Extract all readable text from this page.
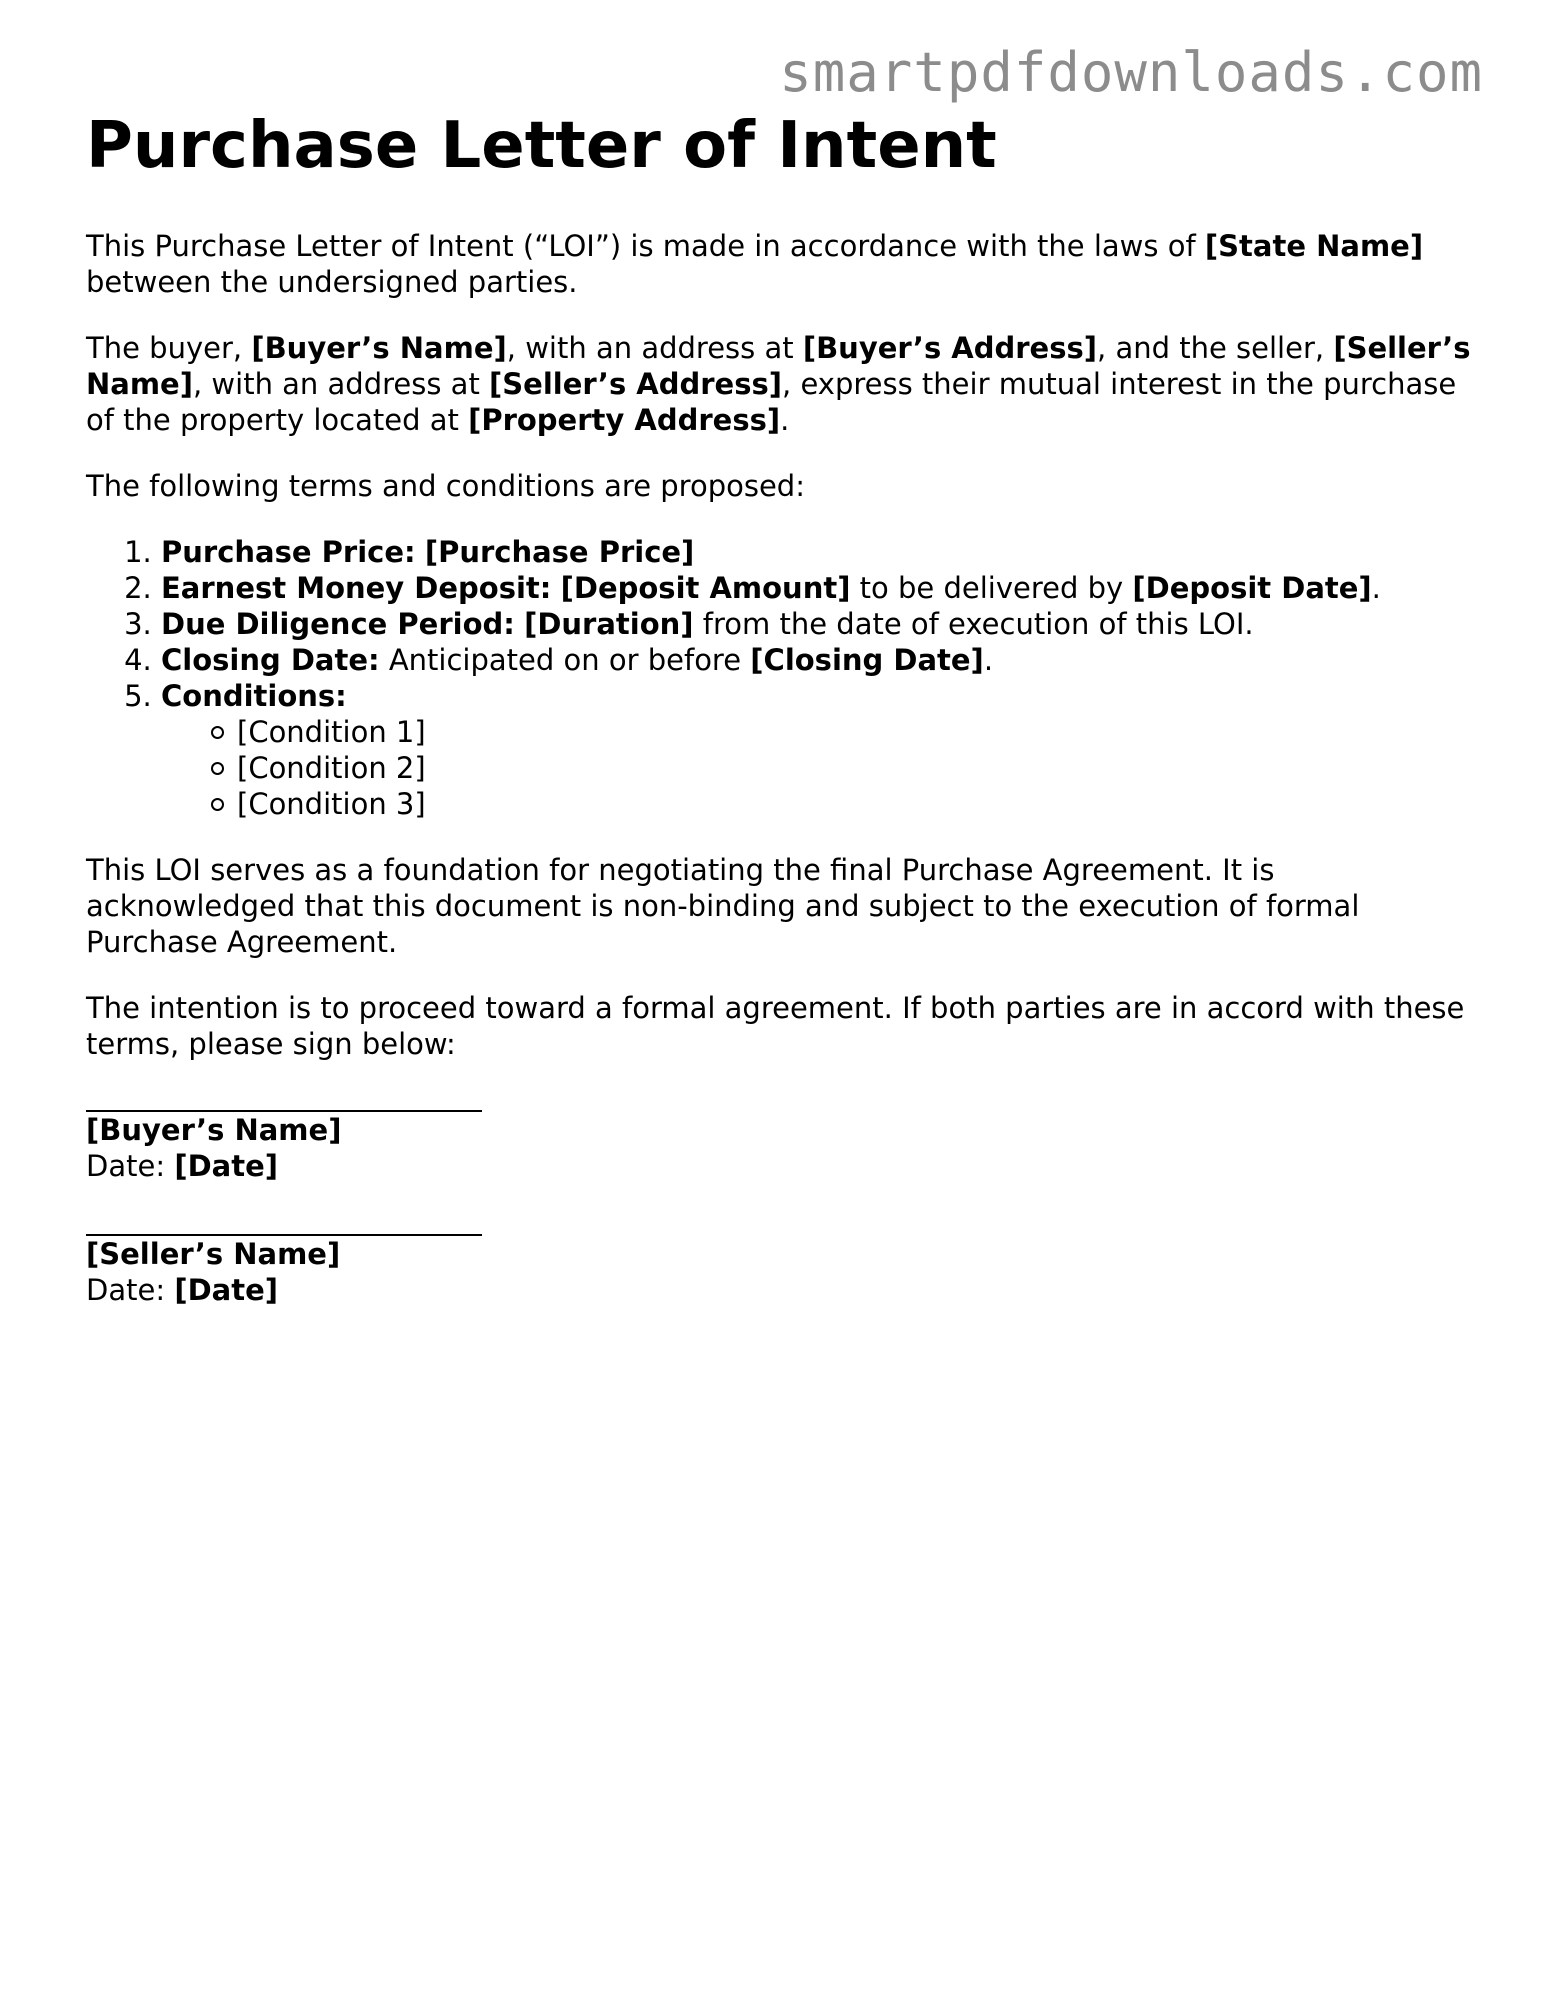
smartpdfdownloads.com
Purchase Letter of Intent

This Purchase Letter of Intent (“LOI”) is made in accordance with the laws of [State Name] between the undersigned parties.

The buyer, [Buyer’s Name], with an address at [Buyer’s Address], and the seller, [Seller’s Name], with an address at [Seller’s Address], express their mutual interest in the purchase of the property located at [Property Address].

The following terms and conditions are proposed:

1. Purchase Price: [Purchase Price]
2. Earnest Money Deposit: [Deposit Amount] to be delivered by [Deposit Date].
3. Due Diligence Period: [Duration] from the date of execution of this LOI.
4. Closing Date: Anticipated on or before [Closing Date].
5. Conditions:
[Condition 1]
[Condition 2]
[Condition 3]

This LOI serves as a foundation for negotiating the final Purchase Agreement. It is acknowledged that this document is non-binding and subject to the execution of formal Purchase Agreement.

The intention is to proceed toward a formal agreement. If both parties are in accord with these terms, please sign below:

[Buyer’s Name]
Date: [Date]
[Seller’s Name]
Date: [Date]
